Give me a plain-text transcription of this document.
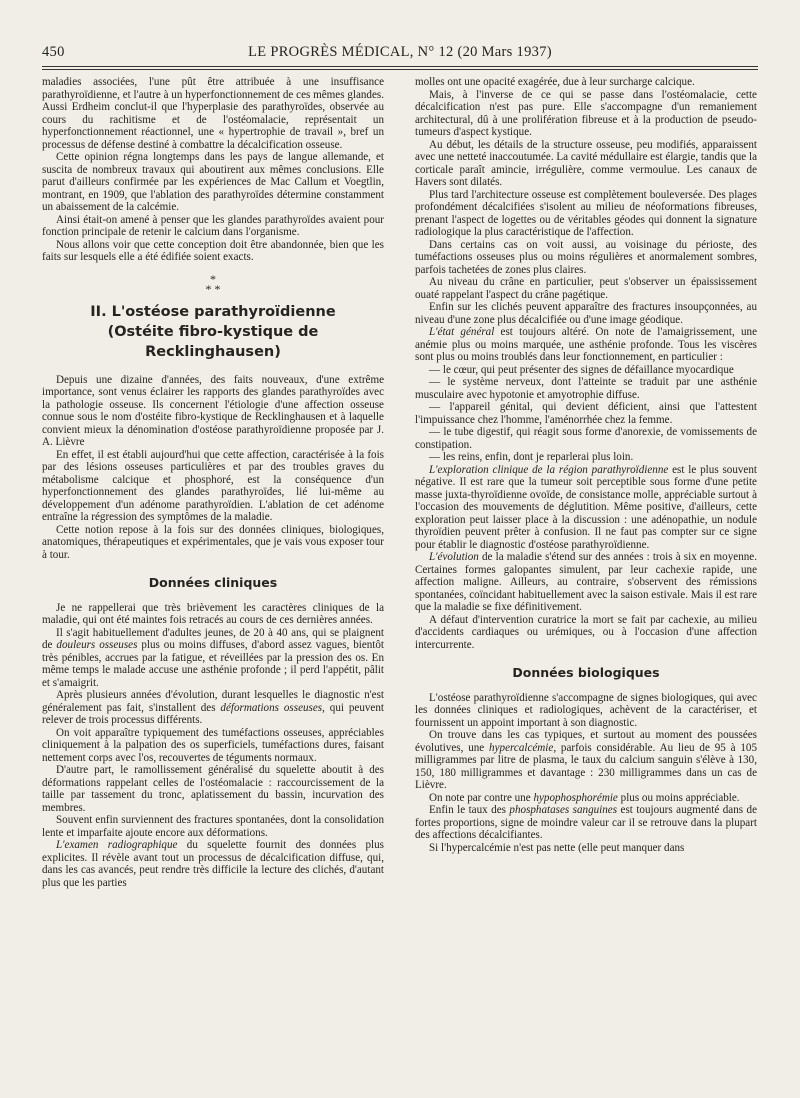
450	LE PROGRÈS MÉDICAL, N° 12 (20 Mars 1937)

maladies associées, l'une pût être attribuée à une insuffisance parathyroïdienne, et l'autre à un hyperfonctionnement de ces mêmes glandes. Aussi Erdheim conclut-il que l'hyperplasie des parathyroïdes, observée au cours du rachitisme et de l'ostéomalacie, représentait un hyperfonctionnement réactionnel, une « hypertrophie de travail », bref un processus de défense destiné à combattre la décalcification osseuse.

Cette opinion régna longtemps dans les pays de langue allemande, et suscita de nombreux travaux qui aboutirent aux mêmes conclusions. Elle parut d'ailleurs confirmée par les expériences de Mac Callum et Voegtlin, montrant, en 1909, que l'ablation des parathyroïdes détermine constamment un abaissement de la calcémie.

Ainsi était-on amené à penser que les glandes parathyroïdes avaient pour fonction principale de retenir le calcium dans l'organisme.

Nous allons voir que cette conception doit être abandonnée, bien que les faits sur lesquels elle a été édifiée soient exacts.

*
* *
II. L'ostéose parathyroïdienne
(Ostéite fibro-kystique de Recklinghausen)

Depuis une dizaine d'années, des faits nouveaux, d'une extrême importance, sont venus éclairer les rapports des glandes parathyroïdes avec la pathologie osseuse. Ils concernent l'étiologie d'une affection osseuse connue sous le nom d'ostéite fibro-kystique de Recklinghausen et à laquelle convient mieux la dénomination d'ostéose parathyroïdienne proposée par J. A. Lièvre

En effet, il est établi aujourd'hui que cette affection, caractérisée à la fois par des lésions osseuses particulières et par des troubles graves du métabolisme calcique et phosphoré, est la conséquence d'un hyperfonctionnement des glandes parathyroïdes, lié lui-même au développement d'un adénome parathyroïdien. L'ablation de cet adénome entraîne la régression des symptômes de la maladie.

Cette notion repose à la fois sur des données cliniques, biologiques, anatomiques, thérapeutiques et expérimentales, que je vais vous exposer tour à tour.

Données cliniques

Je ne rappellerai que très brièvement les caractères cliniques de la maladie, qui ont été maintes fois retracés au cours de ces dernières années.

Il s'agit habituellement d'adultes jeunes, de 20 à 40 ans, qui se plaignent de douleurs osseuses plus ou moins diffuses, d'abord assez vagues, bientôt très pénibles, accrues par la fatigue, et réveillées par la pression des os. En même temps le malade accuse une asthénie profonde ; il perd l'appétit, pâlit et s'amaigrit.

Après plusieurs années d'évolution, durant lesquelles le diagnostic n'est généralement pas fait, s'installent des déformations osseuses, qui peuvent relever de trois processus différents.

On voit apparaître typiquement des tuméfactions osseuses, appréciables cliniquement à la palpation des os superficiels, tuméfactions dures, faisant nettement corps avec l'os, recouvertes de téguments normaux.

D'autre part, le ramollissement généralisé du squelette aboutit à des déformations rappelant celles de l'ostéomalacie : raccourcissement de la taille par tassement du tronc, aplatissement du bassin, incurvation des membres.

Souvent enfin surviennent des fractures spontanées, dont la consolidation lente et imparfaite ajoute encore aux déformations.

L'examen radiographique du squelette fournit des données plus explicites. Il révèle avant tout un processus de décalcification diffuse, qui, dans les cas avancés, peut rendre très difficile la lecture des clichés, d'autant plus que les parties

molles ont une opacité exagérée, due à leur surcharge calcique.

Mais, à l'inverse de ce qui se passe dans l'ostéomalacie, cette décalcification n'est pas pure. Elle s'accompagne d'un remaniement architectural, dû à une prolifération fibreuse et à la production de pseudo-tumeurs d'aspect kystique.

Au début, les détails de la structure osseuse, peu modifiés, apparaissent avec une netteté inaccoutumée. La cavité médullaire est élargie, tandis que la corticale paraît amincie, irrégulière, comme vermoulue. Les canaux de Havers sont dilatés.

Plus tard l'architecture osseuse est complètement bouleversée. Des plages profondément décalcifiées s'isolent au milieu de néoformations fibreuses, prenant l'aspect de logettes ou de véritables géodes qui donnent la signature radiologique la plus caractéristique de l'affection.

Dans certains cas on voit aussi, au voisinage du périoste, des tuméfactions osseuses plus ou moins régulières et anormalement sombres, parfois tachetées de zones plus claires.

Au niveau du crâne en particulier, peut s'observer un épaississement ouaté rappelant l'aspect du crâne pagétique.

Enfin sur les clichés peuvent apparaître des fractures insoupçonnées, au niveau d'une zone plus décalcifiée ou d'une image géodique.

L'état général est toujours altéré. On note de l'amaigrissement, une anémie plus ou moins marquée, une asthénie profonde. Tous les viscères sont plus ou moins troublés dans leur fonctionnement, en particulier :

— le cœur, qui peut présenter des signes de défaillance myocardique

— le système nerveux, dont l'atteinte se traduit par une asthénie musculaire avec hypotonie et amyotrophie diffuse.

— l'appareil génital, qui devient déficient, ainsi que l'attestent l'impuissance chez l'homme, l'aménorrhée chez la femme.

— le tube digestif, qui réagit sous forme d'anorexie, de vomissements de constipation.

— les reins, enfin, dont je reparlerai plus loin.

L'exploration clinique de la région parathyroïdienne est le plus souvent négative. Il est rare que la tumeur soit perceptible sous forme d'une petite masse juxta-thyroïdienne ovoïde, de consistance molle, appréciable surtout à l'occasion des mouvements de déglutition. Même positive, d'ailleurs, cette exploration peut laisser place à la discussion : une adénopathie, un nodule thyroïdien peuvent prêter à confusion. Il ne faut pas compter sur ce signe pour établir le diagnostic d'ostéose parathyroïdienne.

L'évolution de la maladie s'étend sur des années : trois à six en moyenne. Certaines formes galopantes simulent, par leur cachexie rapide, une affection maligne. Ailleurs, au contraire, s'observent des rémissions spontanées, coïncidant habituellement avec la saison estivale. Mais il est rare que la maladie se fixe définitivement.

A défaut d'intervention curatrice la mort se fait par cachexie, au milieu d'accidents cardiaques ou urémiques, ou à l'occasion d'une affection intercurrente.

Données biologiques

L'ostéose parathyroïdienne s'accompagne de signes biologiques, qui avec les données cliniques et radiologiques, achèvent de la caractériser, et fournissent un appoint important à son diagnostic.

On trouve dans les cas typiques, et surtout au moment des poussées évolutives, une hypercalcémie, parfois considérable. Au lieu de 95 à 105 milligrammes par litre de plasma, le taux du calcium sanguin s'élève à 130, 150, 180 milligrammes et davantage : 230 milligrammes dans un cas de Lièvre.

On note par contre une hypophosphorémie plus ou moins appréciable.

Enfin le taux des phosphatases sanguines est toujours augmenté dans de fortes proportions, signe de moindre valeur car il se retrouve dans la plupart des affections décalcifiantes.

Si l'hypercalcémie n'est pas nette (elle peut manquer dans
